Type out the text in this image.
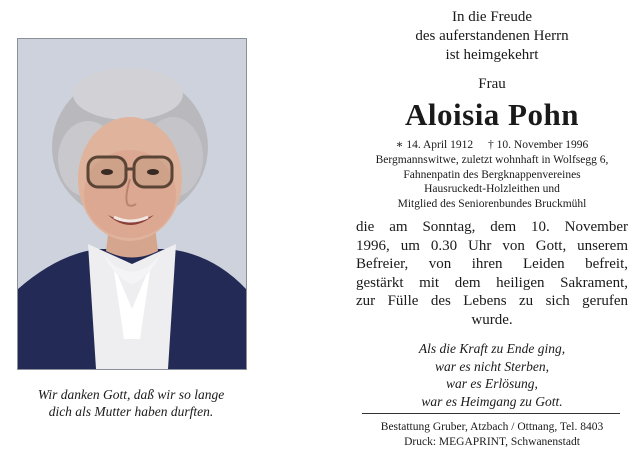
Wir danken Gott, daß wir so lange
dich als Mutter haben durften.
In die Freude
des auferstandenen Herrn
ist heimgekehrt
Frau
Aloisia Pohn
∗ 14. April 1912 † 10. November 1996
Bergmannswitwe, zuletzt wohnhaft in Wolfsegg 6,
Fahnenpatin des Bergknappenvereines
Hausruckedt-Holzleithen und
Mitglied des Seniorenbundes Bruckmühl
die am Sonntag, dem 10. November
1996, um 0.30 Uhr von Gott, unserem
Befreier, von ihren Leiden befreit,
gestärkt mit dem heiligen Sakrament,
zur Fülle des Lebens zu sich gerufen
wurde.
Als die Kraft zu Ende ging,
war es nicht Sterben,
war es Erlösung,
war es Heimgang zu Gott.
Bestattung Gruber, Atzbach / Ottnang, Tel. 8403
Druck: MEGAPRINT, Schwanenstadt
